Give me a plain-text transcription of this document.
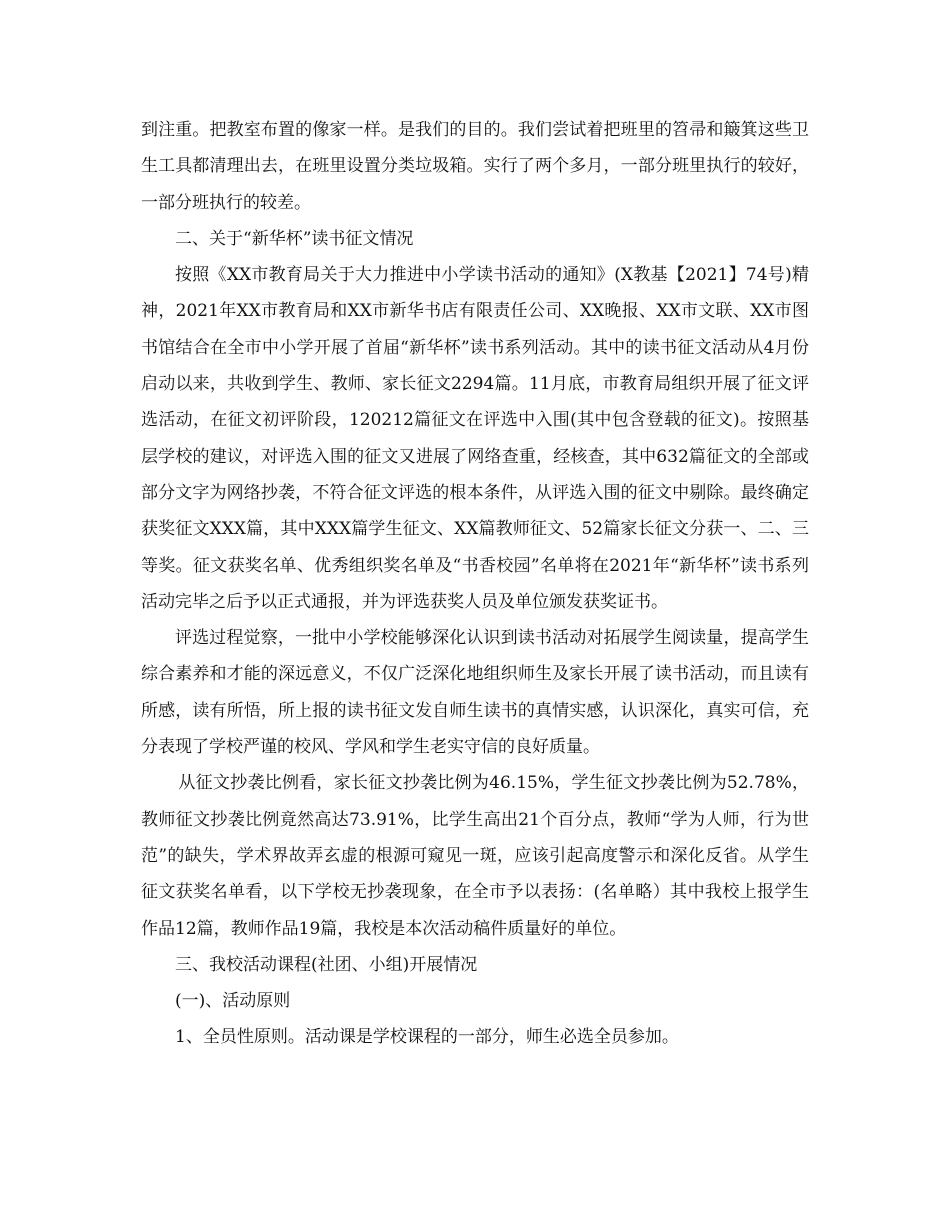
到注重。把教室布置的像家一样。是我们的目的。我们尝试着把班里的笤帚和簸箕这些卫生工具都清理出去，在班里设置分类垃圾箱。实行了两个多月，一部分班里执行的较好，一部分班执行的较差。

二、关于“新华杯”读书征文情况

按照《XX市教育局关于大力推进中小学读书活动的通知》(X教基【2021】74号)精神，2021年XX市教育局和XX市新华书店有限责任公司、XX晚报、XX市文联、XX市图书馆结合在全市中小学开展了首届“新华杯”读书系列活动。其中的读书征文活动从4月份启动以来，共收到学生、教师、家长征文2294篇。11月底，市教育局组织开展了征文评选活动，在征文初评阶段，120212篇征文在评选中入围(其中包含登载的征文)。按照基层学校的建议，对评选入围的征文又进展了网络查重，经核查，其中632篇征文的全部或部分文字为网络抄袭，不符合征文评选的根本条件，从评选入围的征文中剔除。最终确定获奖征文XXX篇，其中XXX篇学生征文、XX篇教师征文、52篇家长征文分获一、二、三等奖。征文获奖名单、优秀组织奖名单及“书香校园”名单将在2021年“新华杯”读书系列活动完毕之后予以正式通报，并为评选获奖人员及单位颁发获奖证书。

评选过程觉察，一批中小学校能够深化认识到读书活动对拓展学生阅读量，提高学生综合素养和才能的深远意义，不仅广泛深化地组织师生及家长开展了读书活动，而且读有所感，读有所悟，所上报的读书征文发自师生读书的真情实感，认识深化，真实可信，充分表现了学校严谨的校风、学风和学生老实守信的良好质量。

从征文抄袭比例看，家长征文抄袭比例为46.15%，学生征文抄袭比例为52.78%，教师征文抄袭比例竟然高达73.91%，比学生高出21个百分点，教师“学为人师，行为世范”的缺失，学术界故弄玄虚的根源可窥见一斑，应该引起高度警示和深化反省。从学生征文获奖名单看，以下学校无抄袭现象，在全市予以表扬：(名单略）其中我校上报学生作品12篇，教师作品19篇，我校是本次活动稿件质量好的单位。

三、我校活动课程(社团、小组)开展情况

(一)、活动原则

1、全员性原则。活动课是学校课程的一部分，师生必选全员参加。
